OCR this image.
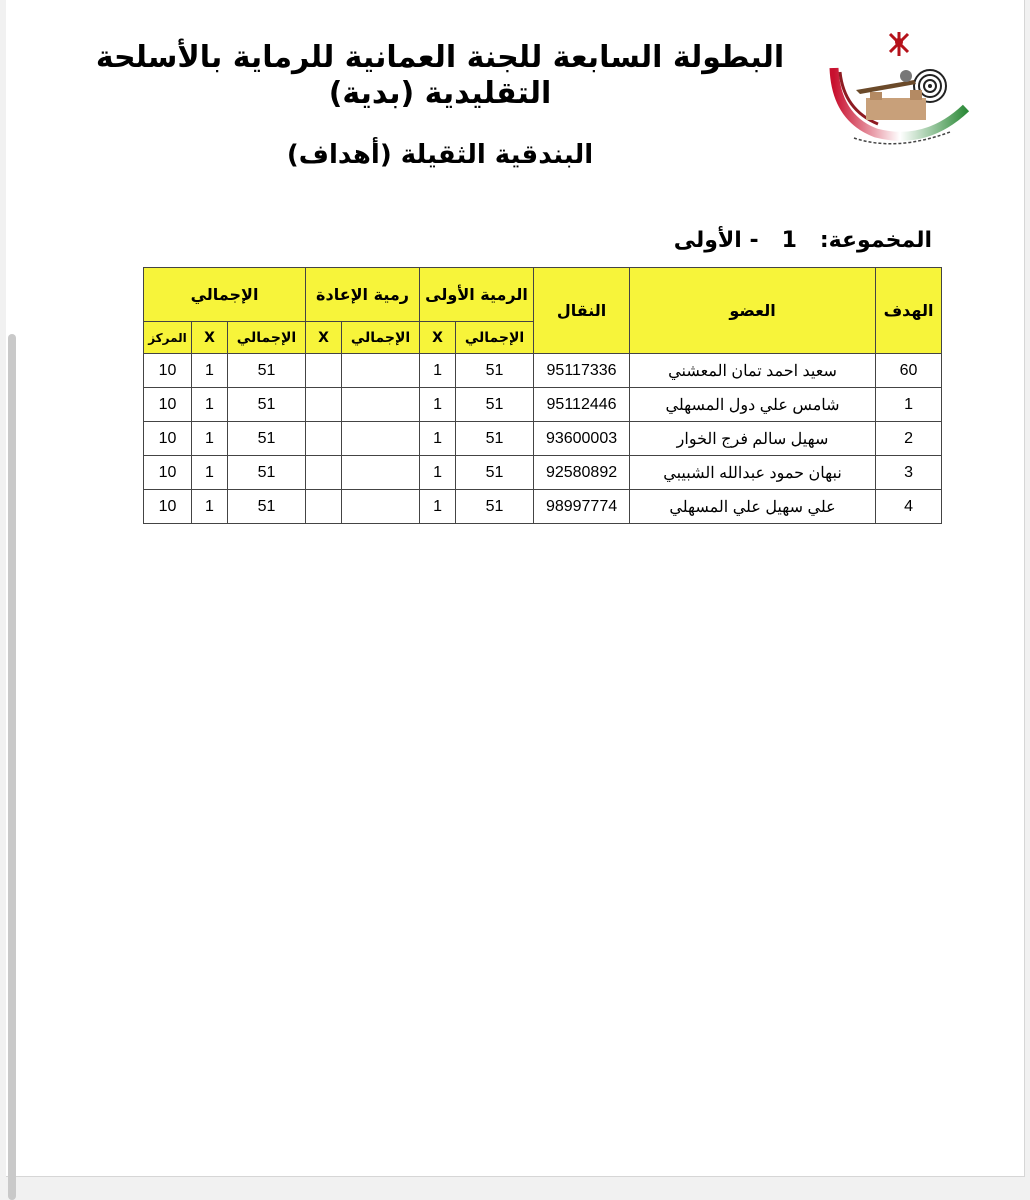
البطولة السابعة للجنة العمانية للرماية بالأسلحة التقليدية (بدية)
البندقية الثقيلة (أهداف)
المخموعة:   1   - الأولى
الهدف	العضو	النقال	الرمية الأولى		رمية الإعادة		الإجمالي		
			الإجمالي	X	الإجمالي	X	الإجمالي	X	المركز
60	سعيد احمد تمان المعشني	95117336	51	1			51	1	10
1	شامس علي دول المسهلي	95112446	51	1			51	1	10
2	سهيل سالم فرج الخوار	93600003	51	1			51	1	10
3	نبهان حمود عبدالله الشبيبي	92580892	51	1			51	1	10
4	علي سهيل علي المسهلي	98997774	51	1			51	1	10
